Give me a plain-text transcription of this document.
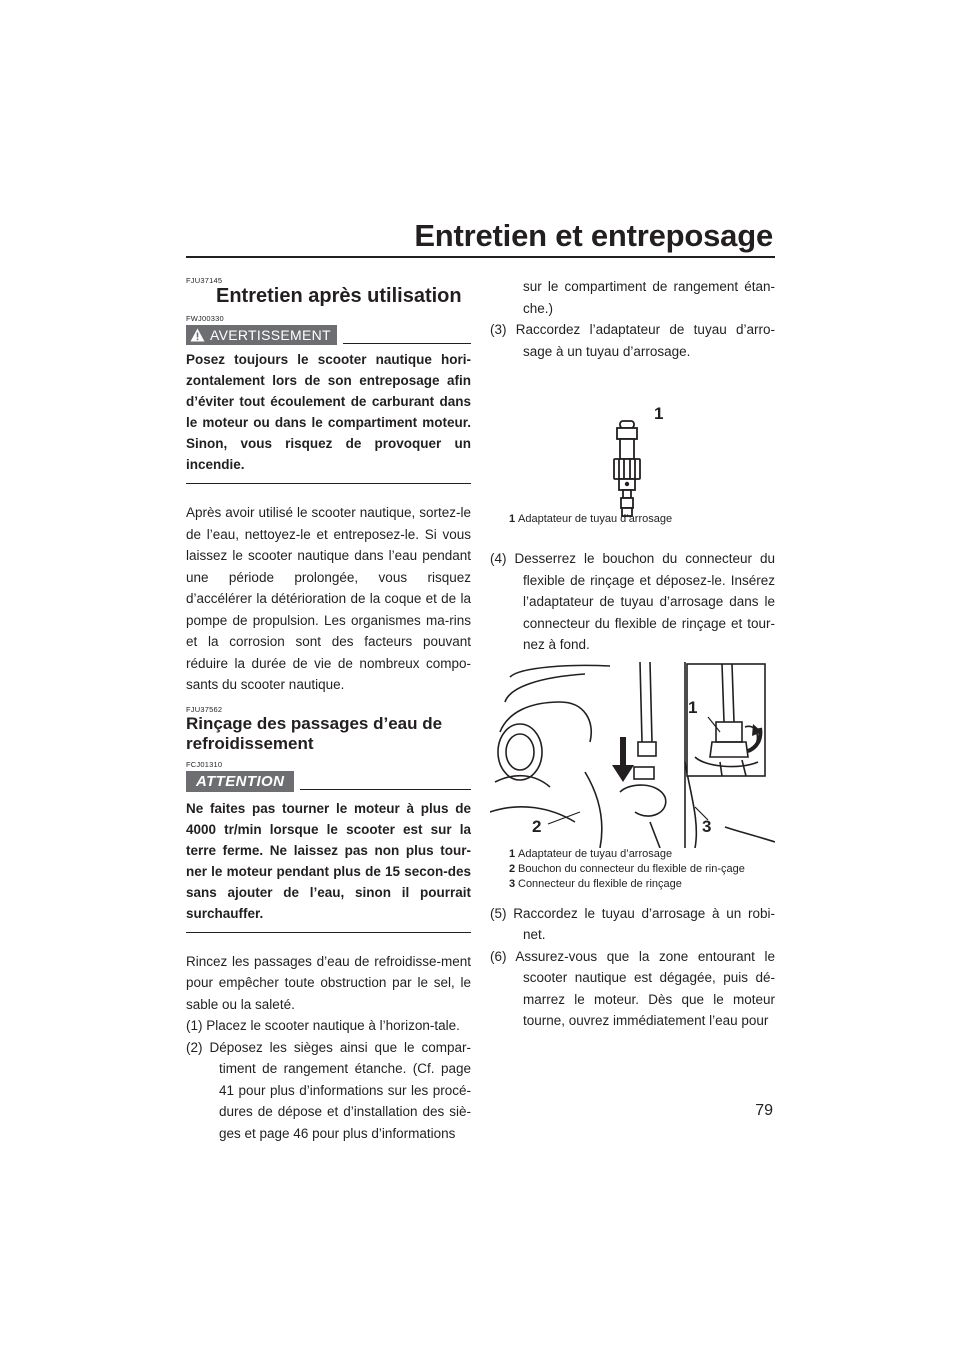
Entretien et entreposage
FJU37145
Entretien après utilisation
FWJ00330
AVERTISSEMENT

Posez toujours le scooter nautique hori-zontalement lors de son entreposage afin d’éviter tout écoulement de carburant dans le moteur ou dans le compartiment moteur. Sinon, vous risquez de provoquer un incendie.

Après avoir utilisé le scooter nautique, sortez-le de l’eau, nettoyez-le et entreposez-le. Si vous laissez le scooter nautique dans l’eau pendant une période prolongée, vous risquez d’accélérer la détérioration de la coque et de la pompe de propulsion. Les organismes ma-rins et la corrosion sont des facteurs pouvant réduire la durée de vie de nombreux compo-sants du scooter nautique.

FJU37562
Rinçage des passages d’eau de refroidissement
FCJ01310
ATTENTION

Ne faites pas tourner le moteur à plus de 4000 tr/min lorsque le scooter est sur la terre ferme. Ne laissez pas non plus tour-ner le moteur pendant plus de 15 secon-des sans ajouter de l’eau, sinon il pourrait surchauffer.

Rincez les passages d’eau de refroidisse-ment pour empêcher toute obstruction par le sel, le sable ou la saleté.

(1) Placez le scooter nautique à l’horizon-tale.

(2) Déposez les sièges ainsi que le compar-timent de rangement étanche. (Cf. page 41 pour plus d’informations sur les procé-dures de dépose et d’installation des siè-ges et page 46 pour plus d’informations

sur le compartiment de rangement étan-che.)

(3) Raccordez l’adaptateur de tuyau d’arro-sage à un tuyau d’arrosage.

1
1 Adaptateur de tuyau d’arrosage

(4) Desserrez le bouchon du connecteur du flexible de rinçage et déposez-le. Insérez l’adaptateur de tuyau d’arrosage dans le connecteur du flexible de rinçage et tour-nez à fond.

1
2	3
1 Adaptateur de tuyau d’arrosage
2 Bouchon du connecteur du flexible de rin-çage
3 Connecteur du flexible de rinçage

(5) Raccordez le tuyau d’arrosage à un robi-net.

(6) Assurez-vous que la zone entourant le scooter nautique est dégagée, puis dé-marrez le moteur. Dès que le moteur tourne, ouvrez immédiatement l’eau pour

79
